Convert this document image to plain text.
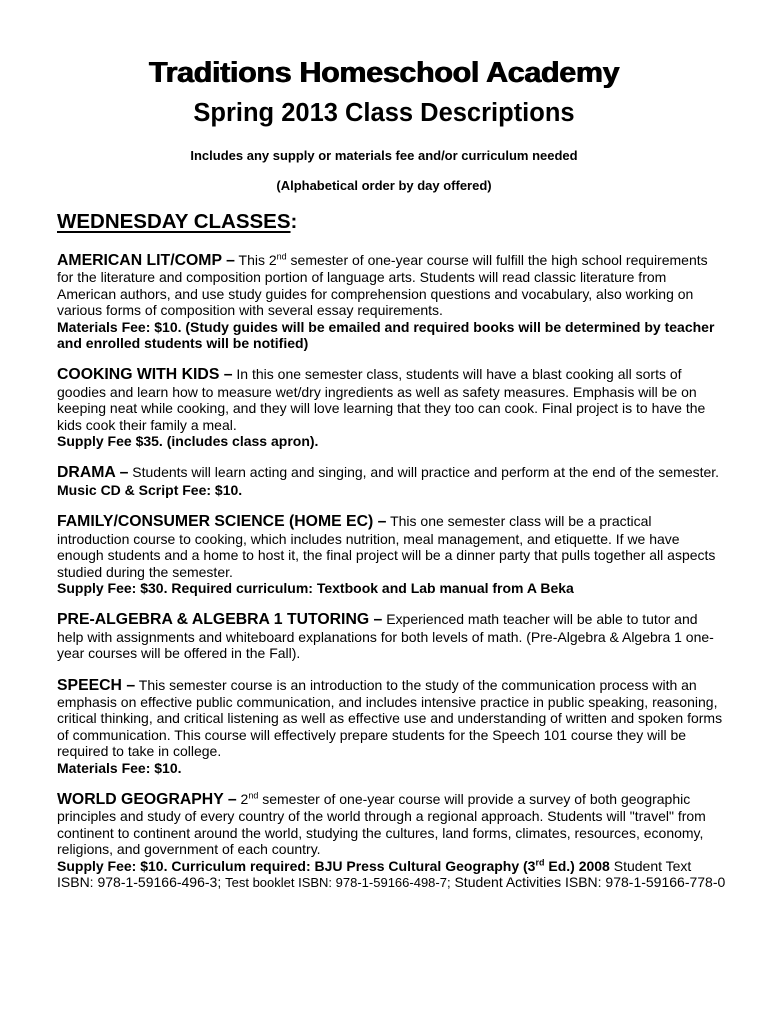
Traditions Homeschool Academy
Spring 2013 Class Descriptions
Includes any supply or materials fee and/or curriculum needed
(Alphabetical order by day offered)
WEDNESDAY CLASSES:
AMERICAN LIT/COMP – This 2nd semester of one-year course will fulfill the high school requirements for the literature and composition portion of language arts. Students will read classic literature from American authors, and use study guides for comprehension questions and vocabulary, also working on various forms of composition with several essay requirements.
Materials Fee: $10. (Study guides will be emailed and required books will be determined by teacher and enrolled students will be notified)
COOKING WITH KIDS – In this one semester class, students will have a blast cooking all sorts of goodies and learn how to measure wet/dry ingredients as well as safety measures. Emphasis will be on keeping neat while cooking, and they will love learning that they too can cook. Final project is to have the kids cook their family a meal.
Supply Fee $35. (includes class apron).
DRAMA – Students will learn acting and singing, and will practice and perform at the end of the semester. Music CD & Script Fee: $10.
FAMILY/CONSUMER SCIENCE (HOME EC) – This one semester class will be a practical introduction course to cooking, which includes nutrition, meal management, and etiquette. If we have enough students and a home to host it, the final project will be a dinner party that pulls together all aspects studied during the semester.
Supply Fee: $30. Required curriculum: Textbook and Lab manual from A Beka
PRE-ALGEBRA & ALGEBRA 1 TUTORING – Experienced math teacher will be able to tutor and help with assignments and whiteboard explanations for both levels of math. (Pre-Algebra & Algebra 1 one-year courses will be offered in the Fall).
SPEECH – This semester course is an introduction to the study of the communication process with an emphasis on effective public communication, and includes intensive practice in public speaking, reasoning, critical thinking, and critical listening as well as effective use and understanding of written and spoken forms of communication. This course will effectively prepare students for the Speech 101 course they will be required to take in college.
Materials Fee: $10.
WORLD GEOGRAPHY – 2nd semester of one-year course will provide a survey of both geographic principles and study of every country of the world through a regional approach. Students will "travel" from continent to continent around the world, studying the cultures, land forms, climates, resources, economy, religions, and government of each country.
Supply Fee: $10. Curriculum required: BJU Press Cultural Geography (3rd Ed.) 2008 Student Text ISBN: 978-1-59166-496-3; Test booklet ISBN: 978-1-59166-498-7; Student Activities ISBN: 978-1-59166-778-0
